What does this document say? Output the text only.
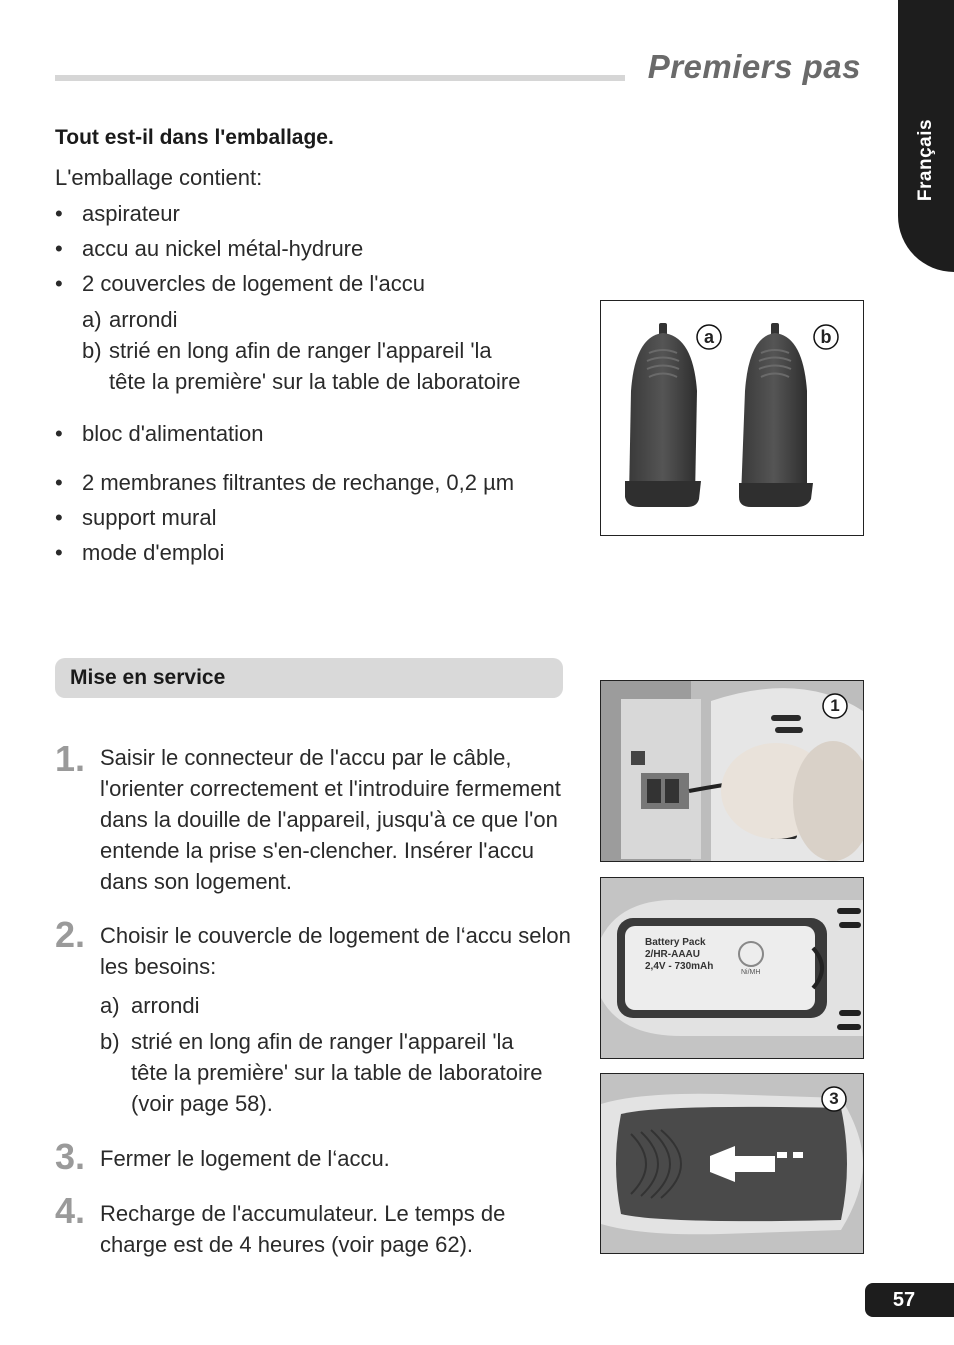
Premiers pas
Français
Tout est-il dans l'emballage.
L'emballage contient:
• aspirateur
• accu au nickel métal-hydrure
• 2 couvercles de logement de l'accu
a) arrondi
b) strié en long afin de ranger l'appareil 'la tête la première' sur la table de laboratoire
• bloc d'alimentation
• 2 membranes filtrantes de rechange, 0,2 µm
• support mural
• mode d'emploi
a	b
Mise en service
1. Saisir le connecteur de l'accu par le câble, l'orienter correctement et l'introduire fermement dans la douille de l'appareil, jusqu'à ce que l'on entende la prise s'en-clencher. Insérer l'accu dans son logement.
2. Choisir le couvercle de logement de l‘accu selon les besoins:
a) arrondi
b) strié en long afin de ranger l'appareil 'la tête la première' sur la table de laboratoire (voir page 58).
3. Fermer le logement de l‘accu.
4. Recharge de l'accumulateur. Le temps de charge est de 4 heures (voir page 62).
1
Battery Pack
2/HR-AAAU
2,4V - 730mAh
Ni/MH
3
57
